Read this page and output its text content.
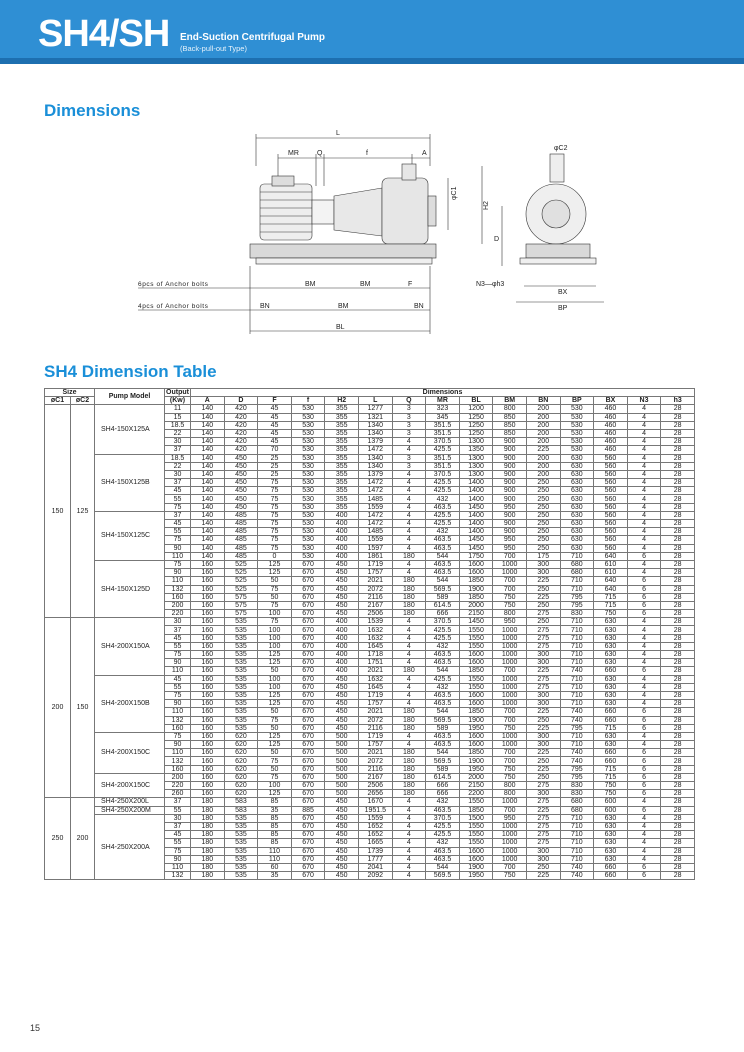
SH4/SH End-Suction Centrifugal Pump
(Back-pull-out Type)
Dimensions
L
MR	Q	f	A
φC1
H2
D
φC2
BX
BP
N3—φh3
6pcs of Anchor bolts	BM	BM	F
4pcs of Anchor bolts	BN	BM	BN
BL
SH4 Dimension Table
Size		Pump Model	Output	Dimensions														
øC1	øC2		(Kw)	A	D	F	f	H2	L	Q	MR	BL	BM	BN	BP	BX	N3	h3
150	125	SH4-150X125A	11	140	420	45	530	355	1277	3	323	1200	800	200	530	460	4	28
			15	140	420	45	530	355	1321	3	345	1250	850	200	530	460	4	28
			18.5	140	420	45	530	355	1340	3	351.5	1250	850	200	530	460	4	28
			22	140	420	45	530	355	1340	3	351.5	1250	850	200	530	460	4	28
			30	140	420	45	530	355	1379	4	370.5	1300	900	200	530	460	4	28
			37	140	420	70	530	355	1472	4	425.5	1350	900	225	530	460	4	28
		SH4-150X125B	18.5	140	450	25	530	355	1340	3	351.5	1300	900	200	630	560	4	28
			22	140	450	25	530	355	1340	3	351.5	1300	900	200	630	560	4	28
			30	140	450	25	530	355	1379	4	370.5	1300	900	200	630	560	4	28
			37	140	450	75	530	355	1472	4	425.5	1400	900	250	630	560	4	28
			45	140	450	75	530	355	1472	4	425.5	1400	900	250	630	560	4	28
			55	140	450	75	530	355	1485	4	432	1400	900	250	630	560	4	28
			75	140	450	75	530	355	1559	4	463.5	1450	950	250	630	560	4	28
		SH4-150X125C	37	140	485	75	530	400	1472	4	425.5	1400	900	250	630	560	4	28
			45	140	485	75	530	400	1472	4	425.5	1400	900	250	630	560	4	28
			55	140	485	75	530	400	1485	4	432	1400	900	250	630	560	4	28
			75	140	485	75	530	400	1559	4	463.5	1450	950	250	630	560	4	28
			90	140	485	75	530	400	1597	4	463.5	1450	950	250	630	560	4	28
			110	140	485	0	530	400	1861	180	544	1750	700	175	710	640	6	28
		SH4-150X125D	75	160	525	125	670	450	1719	4	463.5	1600	1000	300	680	610	4	28
			90	160	525	125	670	450	1757	4	463.5	1600	1000	300	680	610	4	28
			110	160	525	50	670	450	2021	180	544	1850	700	225	710	640	6	28
			132	160	525	75	670	450	2072	180	569.5	1900	700	250	710	640	6	28
			160	160	575	50	670	450	2116	180	589	1850	750	225	795	715	6	28
			200	160	575	75	670	450	2167	180	614.5	2000	750	250	795	715	6	28
			220	160	575	100	670	450	2506	180	666	2150	800	275	830	750	6	28
200	150	SH4-200X150A	30	160	535	75	670	400	1539	4	370.5	1450	950	250	710	630	4	28
			37	160	535	100	670	400	1632	4	425.5	1550	1000	275	710	630	4	28
			45	160	535	100	670	400	1632	4	425.5	1550	1000	275	710	630	4	28
			55	160	535	100	670	400	1645	4	432	1550	1000	275	710	630	4	28
			75	160	535	125	670	400	1718	4	463.5	1600	1000	300	710	630	4	28
			90	160	535	125	670	400	1751	4	463.5	1600	1000	300	710	630	4	28
			110	160	535	50	670	400	2021	180	544	1850	700	225	740	660	6	28
		SH4-200X150B	45	160	535	100	670	450	1632	4	425.5	1550	1000	275	710	630	4	28
			55	160	535	100	670	450	1645	4	432	1550	1000	275	710	630	4	28
			75	160	535	125	670	450	1719	4	463.5	1600	1000	300	710	630	4	28
			90	160	535	125	670	450	1757	4	463.5	1600	1000	300	710	630	4	28
			110	160	535	50	670	450	2021	180	544	1850	700	225	740	660	6	28
			132	160	535	75	670	450	2072	180	569.5	1900	700	250	740	660	6	28
			160	160	535	50	670	450	2116	180	589	1950	750	225	795	715	6	28
		SH4-200X150C	75	160	620	125	670	500	1719	4	463.5	1600	1000	300	710	630	4	28
			90	160	620	125	670	500	1757	4	463.5	1600	1000	300	710	630	4	28
			110	160	620	50	670	500	2021	180	544	1850	700	225	740	660	6	28
			132	160	620	75	670	500	2072	180	569.5	1900	700	250	740	660	6	28
			160	160	620	50	670	500	2116	180	589	1950	750	225	795	715	6	28
		SH4-200X150C	200	160	620	75	670	500	2167	180	614.5	2000	750	250	795	715	6	28
			220	160	620	100	670	500	2506	180	666	2150	800	275	830	750	6	28
			260	160	620	125	670	500	2656	180	666	2200	800	300	830	750	6	28
250	200	SH4-250X200L	37	180	583	85	670	450	1670	4	432	1550	1000	275	680	600	4	28
		SH4-250X200M	55	180	583	35	885	450	1951.5	4	463.5	1850	700	225	680	600	6	28
		SH4-250X200A	30	180	535	85	670	450	1559	4	370.5	1500	950	275	710	630	4	28
			37	180	535	85	670	450	1652	4	425.5	1550	1000	275	710	630	4	28
			45	180	535	85	670	450	1652	4	425.5	1550	1000	275	710	630	4	28
			55	180	535	85	670	450	1665	4	432	1550	1000	275	710	630	4	28
			75	180	535	110	670	450	1739	4	463.5	1600	1000	300	710	630	4	28
			90	180	535	110	670	450	1777	4	463.5	1600	1000	300	710	630	4	28
			110	180	535	60	670	450	2041	4	544	1900	700	250	740	660	6	28
			132	180	535	35	670	450	2092	4	569.5	1950	750	225	740	660	6	28
15
